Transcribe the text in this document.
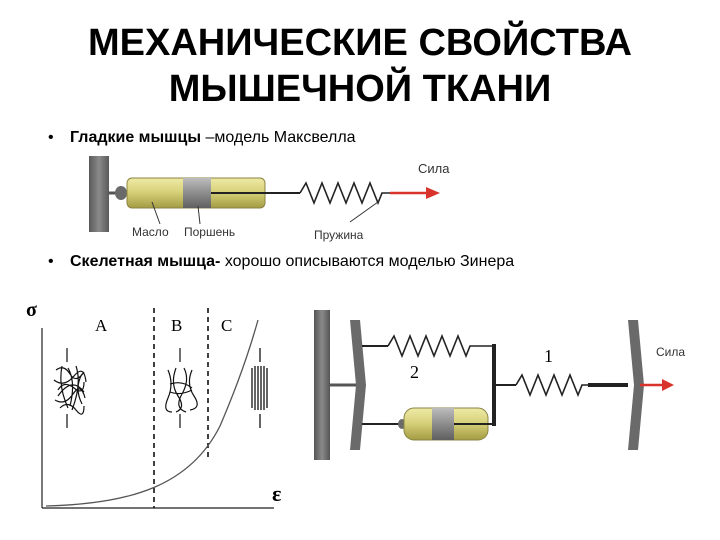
МЕХАНИЧЕСКИЕ СВОЙСТВА
МЫШЕЧНОЙ ТКАНИ
• Гладкие мышцы –модель Максвелла
Сила
Масло Поршень	Пружина
• Скелетная мышца- хорошо описываются моделью Зинера
σ
ε
A	B C
2
1	Сила
